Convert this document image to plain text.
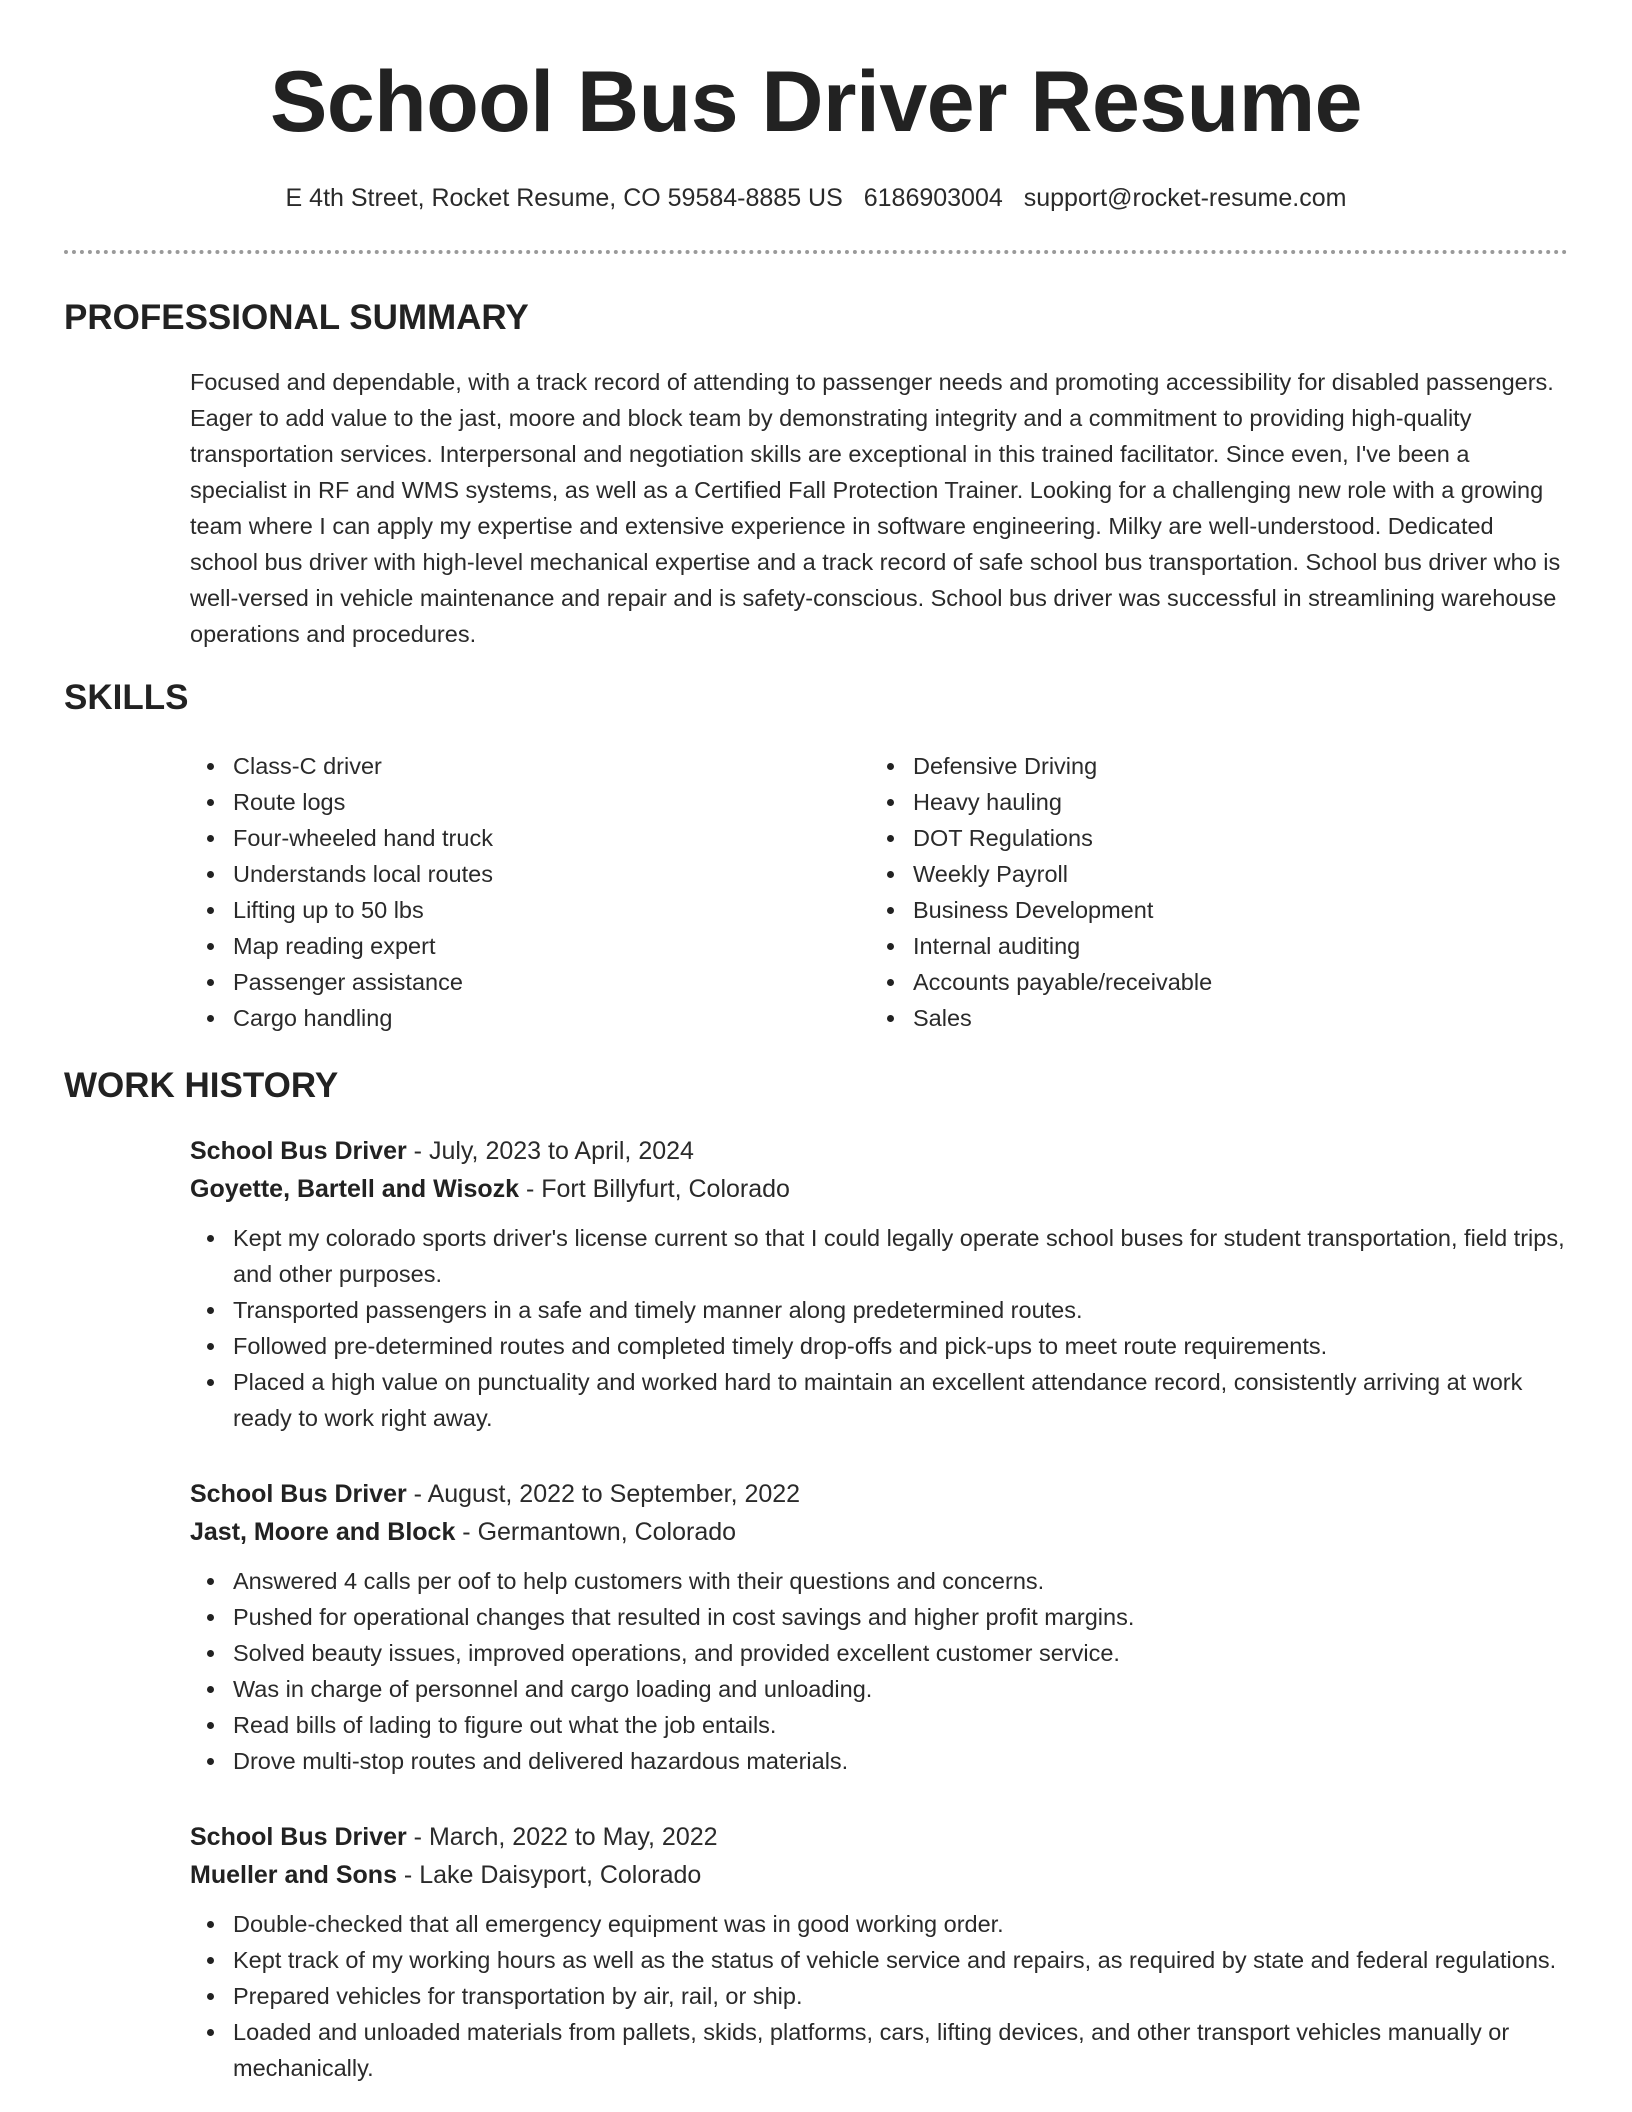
School Bus Driver Resume
E 4th Street, Rocket Resume, CO 59584-8885 US 6186903004 support@rocket-resume.com
PROFESSIONAL SUMMARY

Focused and dependable, with a track record of attending to passenger needs and promoting accessibility for disabled passengers. Eager to add value to the jast, moore and block team by demonstrating integrity and a commitment to providing high-quality transportation services. Interpersonal and negotiation skills are exceptional in this trained facilitator. Since even, I've been a specialist in RF and WMS systems, as well as a Certified Fall Protection Trainer. Looking for a challenging new role with a growing team where I can apply my expertise and extensive experience in software engineering. Milky are well-understood. Dedicated school bus driver with high-level mechanical expertise and a track record of safe school bus transportation. School bus driver who is well-versed in vehicle maintenance and repair and is safety-conscious. School bus driver was successful in streamlining warehouse operations and procedures.

SKILLS
Class-C driver
Route logs
Four-wheeled hand truck
Understands local routes
Lifting up to 50 lbs
Map reading expert
Passenger assistance
Cargo handling
Defensive Driving
Heavy hauling
DOT Regulations
Weekly Payroll
Business Development
Internal auditing
Accounts payable/receivable
Sales
WORK HISTORY
School Bus Driver - July, 2023 to April, 2024
Goyette, Bartell and Wisozk - Fort Billyfurt, Colorado
Kept my colorado sports driver's license current so that I could legally operate school buses for student transportation, field trips, and other purposes.
Transported passengers in a safe and timely manner along predetermined routes.
Followed pre-determined routes and completed timely drop-offs and pick-ups to meet route requirements.
Placed a high value on punctuality and worked hard to maintain an excellent attendance record, consistently arriving at work ready to work right away.
School Bus Driver - August, 2022 to September, 2022
Jast, Moore and Block - Germantown, Colorado
Answered 4 calls per oof to help customers with their questions and concerns.
Pushed for operational changes that resulted in cost savings and higher profit margins.
Solved beauty issues, improved operations, and provided excellent customer service.
Was in charge of personnel and cargo loading and unloading.
Read bills of lading to figure out what the job entails.
Drove multi-stop routes and delivered hazardous materials.
School Bus Driver - March, 2022 to May, 2022
Mueller and Sons - Lake Daisyport, Colorado
Double-checked that all emergency equipment was in good working order.
Kept track of my working hours as well as the status of vehicle service and repairs, as required by state and federal regulations.
Prepared vehicles for transportation by air, rail, or ship.
Loaded and unloaded materials from pallets, skids, platforms, cars, lifting devices, and other transport vehicles manually or mechanically.
